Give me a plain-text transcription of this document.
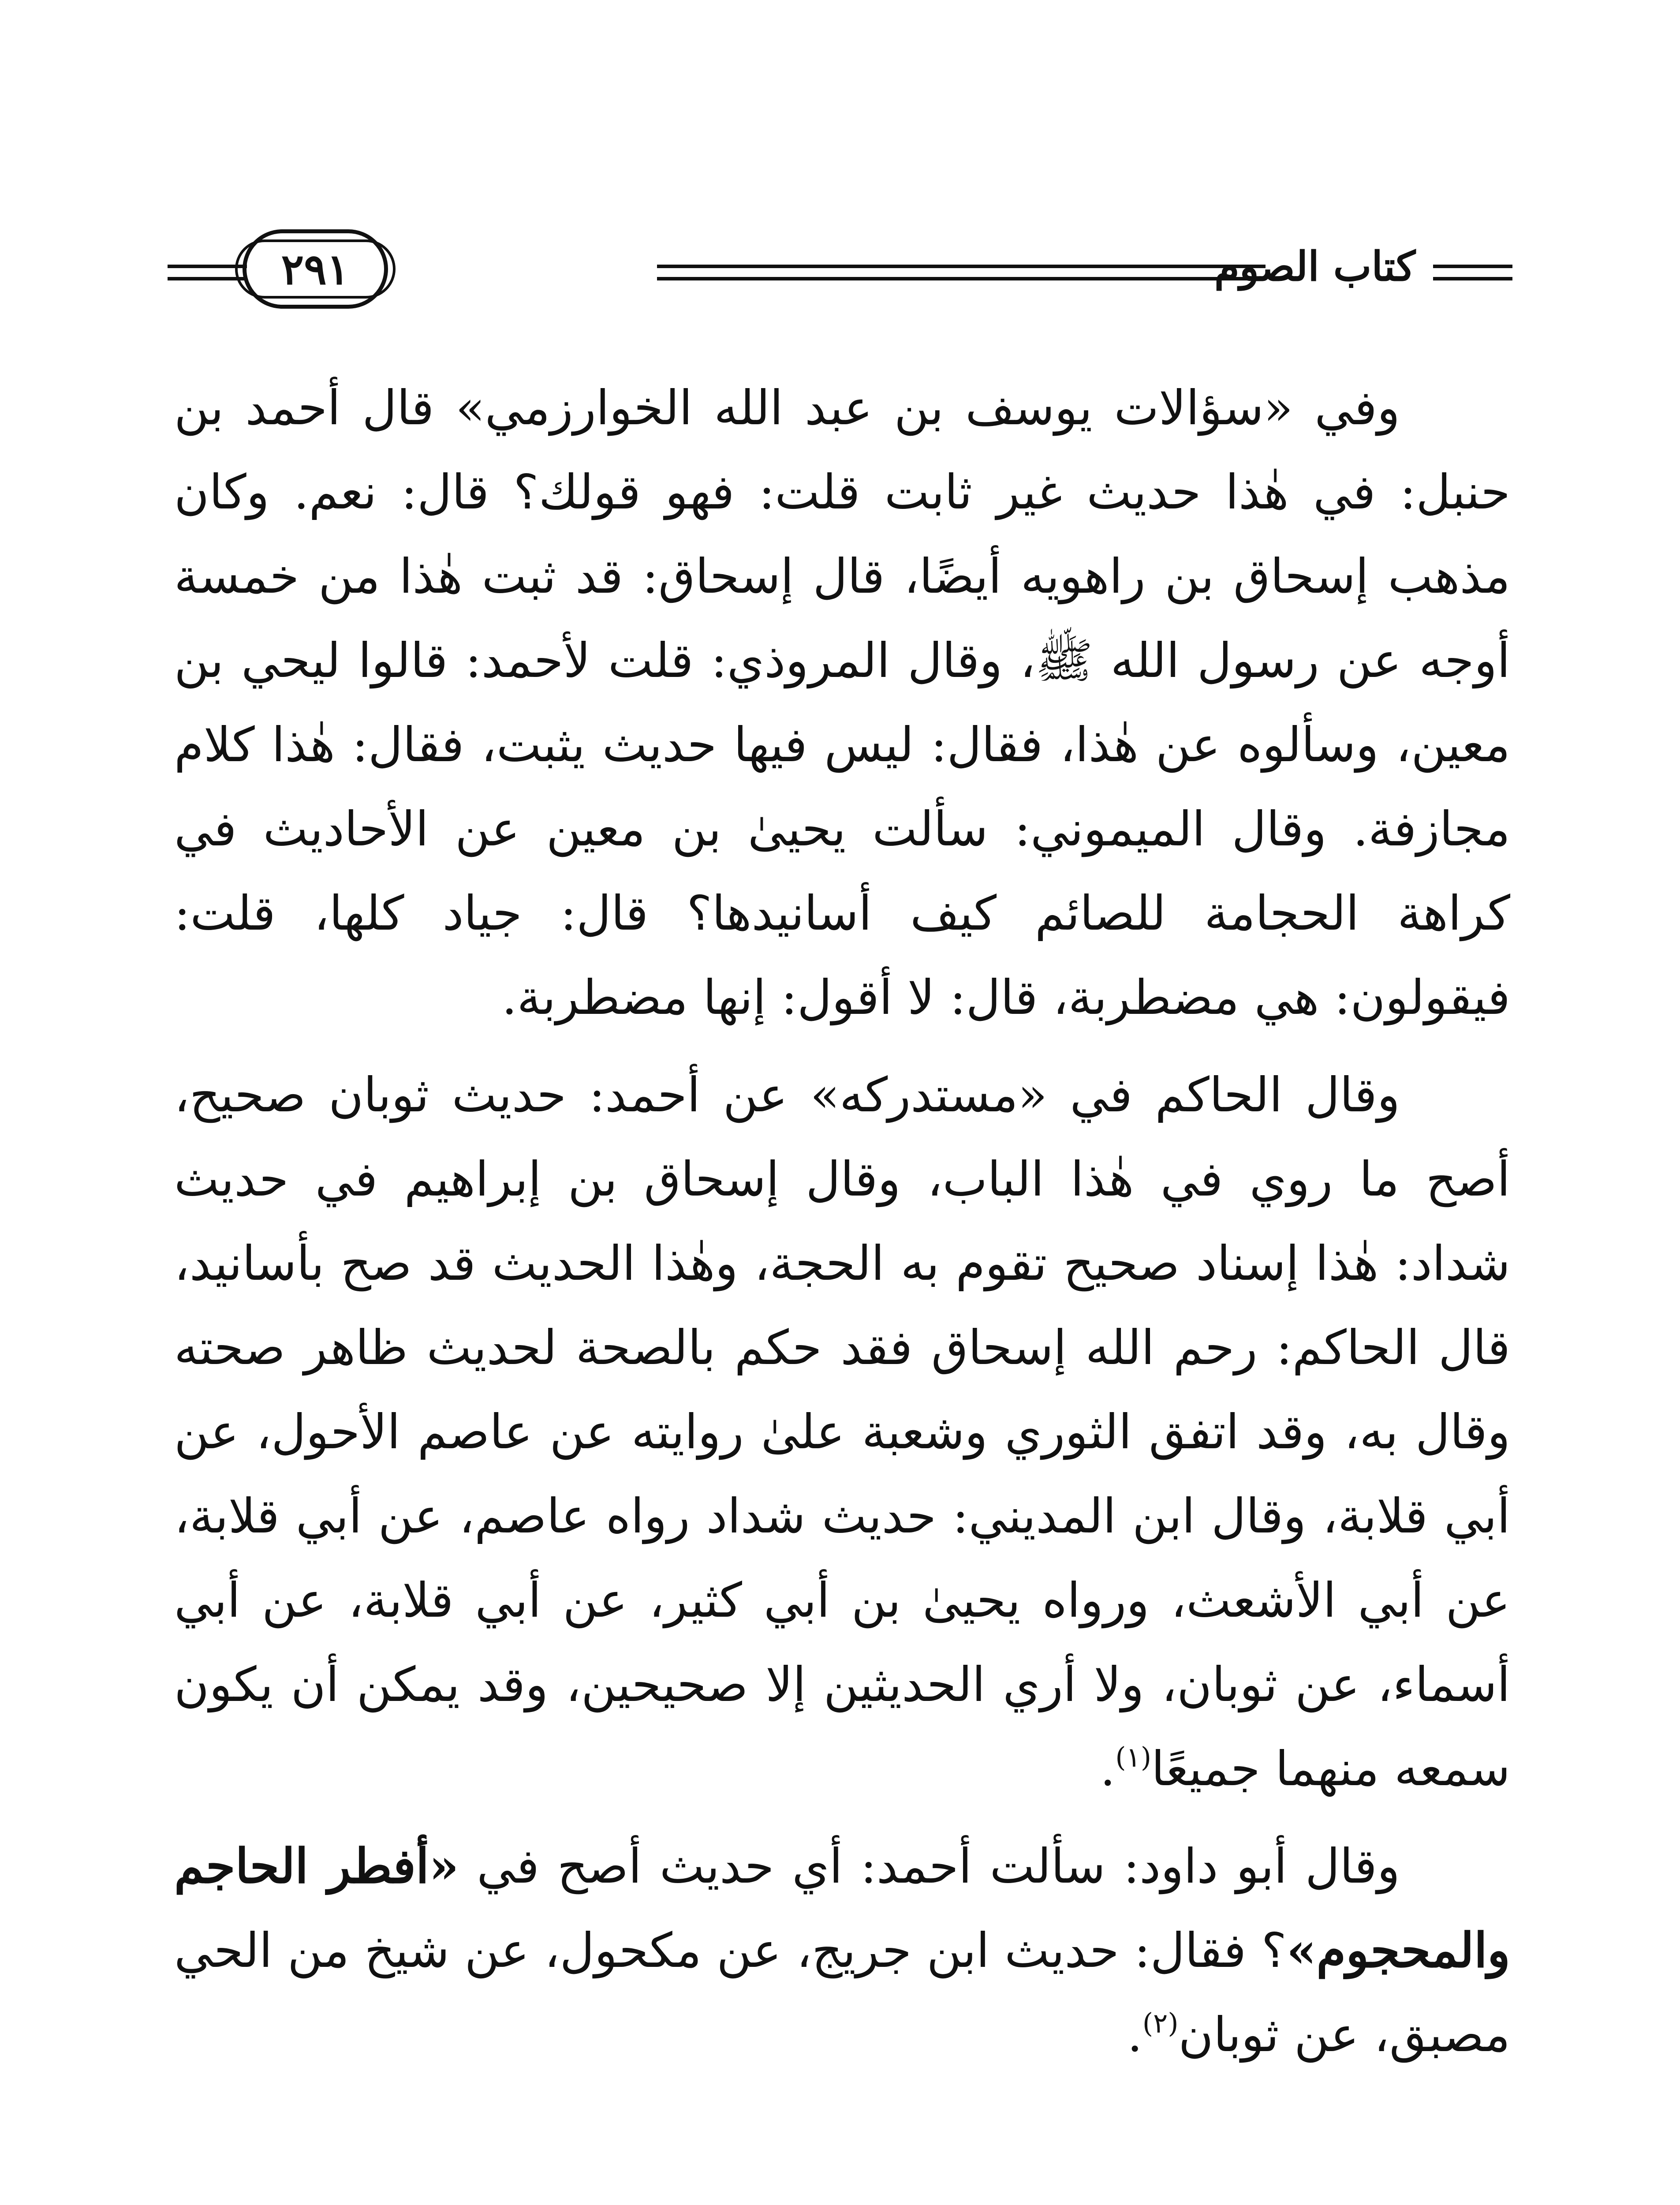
كتاب الصوم
٢٩١

وفي «سؤالات يوسف بن عبد الله الخوارزمي» قال أحمد بن حنبل: في هٰذا حديث غير ثابت قلت: فهو قولك؟ قال: نعم. وكان مذهب إسحاق بن راهويه أيضًا، قال إسحاق: قد ثبت هٰذا من خمسة أوجه عن رسول الله ﷺ، وقال المروذي: قلت لأحمد: قالوا ليحي بن معين، وسألوه عن هٰذا، فقال: ليس فيها حديث يثبت، فقال: هٰذا كلام مجازفة. وقال الميموني: سألت يحيىٰ بن معين عن الأحاديث في كراهة الحجامة للصائم كيف أسانيدها؟ قال: جياد كلها، قلت: فيقولون: هي مضطربة، قال: لا أقول: إنها مضطربة.

وقال الحاكم في «مستدركه» عن أحمد: حديث ثوبان صحيح، أصح ما روي في هٰذا الباب، وقال إسحاق بن إبراهيم في حديث شداد: هٰذا إسناد صحيح تقوم به الحجة، وهٰذا الحديث قد صح بأسانيد، قال الحاكم: رحم الله إسحاق فقد حكم بالصحة لحديث ظاهر صحته وقال به، وقد اتفق الثوري وشعبة علىٰ روايته عن عاصم الأحول، عن أبي قلابة، وقال ابن المديني: حديث شداد رواه عاصم، عن أبي قلابة، عن أبي الأشعث، ورواه يحيىٰ بن أبي كثير، عن أبي قلابة، عن أبي أسماء، عن ثوبان، ولا أري الحديثين إلا صحيحين، وقد يمكن أن يكون سمعه منهما جميعًا$^{(١)}$.

وقال أبو داود: سألت أحمد: أي حديث أصح في «أفطر الحاجم والمحجوم»؟ فقال: حديث ابن جريج، عن مكحول، عن شيخ من الحي مصبق، عن ثوبان$^{(٢)}$.
